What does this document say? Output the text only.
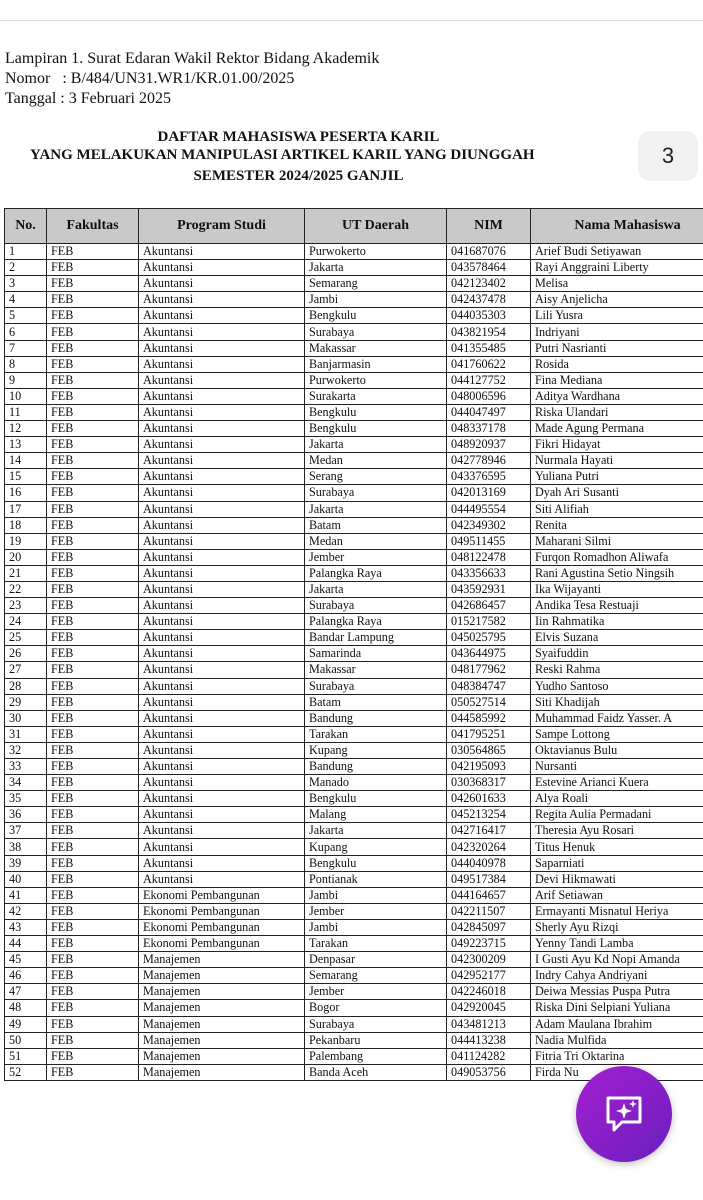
Lampiran 1. Surat Edaran Wakil Rektor Bidang Akademik
Nomor   : B/484/UN31.WR1/KR.01.00/2025
Tanggal : 3 Februari 2025
DAFTAR MAHASISWA PESERTA KARIL
YANG MELAKUKAN MANIPULASI ARTIKEL KARIL YANG DIUNGGAH
SEMESTER 2024/2025 GANJIL
3
No.	Fakultas	Program Studi	UT Daerah	NIM	Nama Mahasiswa
1	FEB	Akuntansi	Purwokerto	041687076	Arief Budi Setiyawan
2	FEB	Akuntansi	Jakarta	043578464	Rayi Anggraini Liberty
3	FEB	Akuntansi	Semarang	042123402	Melisa
4	FEB	Akuntansi	Jambi	042437478	Aisy Anjelicha
5	FEB	Akuntansi	Bengkulu	044035303	Lili Yusra
6	FEB	Akuntansi	Surabaya	043821954	Indriyani
7	FEB	Akuntansi	Makassar	041355485	Putri Nasrianti
8	FEB	Akuntansi	Banjarmasin	041760622	Rosida
9	FEB	Akuntansi	Purwokerto	044127752	Fina Mediana
10	FEB	Akuntansi	Surakarta	048006596	Aditya Wardhana
11	FEB	Akuntansi	Bengkulu	044047497	Riska Ulandari
12	FEB	Akuntansi	Bengkulu	048337178	Made Agung Permana
13	FEB	Akuntansi	Jakarta	048920937	Fikri Hidayat
14	FEB	Akuntansi	Medan	042778946	Nurmala Hayati
15	FEB	Akuntansi	Serang	043376595	Yuliana Putri
16	FEB	Akuntansi	Surabaya	042013169	Dyah Ari Susanti
17	FEB	Akuntansi	Jakarta	044495554	Siti Alifiah
18	FEB	Akuntansi	Batam	042349302	Renita
19	FEB	Akuntansi	Medan	049511455	Maharani Silmi
20	FEB	Akuntansi	Jember	048122478	Furqon Romadhon Aliwafa
21	FEB	Akuntansi	Palangka Raya	043356633	Rani Agustina Setio Ningsih
22	FEB	Akuntansi	Jakarta	043592931	Ika Wijayanti
23	FEB	Akuntansi	Surabaya	042686457	Andika Tesa Restuaji
24	FEB	Akuntansi	Palangka Raya	015217582	Iin Rahmatika
25	FEB	Akuntansi	Bandar Lampung	045025795	Elvis Suzana
26	FEB	Akuntansi	Samarinda	043644975	Syaifuddin
27	FEB	Akuntansi	Makassar	048177962	Reski Rahma
28	FEB	Akuntansi	Surabaya	048384747	Yudho Santoso
29	FEB	Akuntansi	Batam	050527514	Siti Khadijah
30	FEB	Akuntansi	Bandung	044585992	Muhammad Faidz Yasser. A
31	FEB	Akuntansi	Tarakan	041795251	Sampe Lottong
32	FEB	Akuntansi	Kupang	030564865	Oktavianus Bulu
33	FEB	Akuntansi	Bandung	042195093	Nursanti
34	FEB	Akuntansi	Manado	030368317	Estevine Arianci Kuera
35	FEB	Akuntansi	Bengkulu	042601633	Alya Roali
36	FEB	Akuntansi	Malang	045213254	Regita Aulia Permadani
37	FEB	Akuntansi	Jakarta	042716417	Theresia Ayu Rosari
38	FEB	Akuntansi	Kupang	042320264	Titus Henuk
39	FEB	Akuntansi	Bengkulu	044040978	Saparniati
40	FEB	Akuntansi	Pontianak	049517384	Devi Hikmawati
41	FEB	Ekonomi Pembangunan	Jambi	044164657	Arif Setiawan
42	FEB	Ekonomi Pembangunan	Jember	042211507	Ermayanti Misnatul Heriya
43	FEB	Ekonomi Pembangunan	Jambi	042845097	Sherly Ayu Rizqi
44	FEB	Ekonomi Pembangunan	Tarakan	049223715	Yenny Tandi Lamba
45	FEB	Manajemen	Denpasar	042300209	I Gusti Ayu Kd Nopi Amanda
46	FEB	Manajemen	Semarang	042952177	Indry Cahya Andriyani
47	FEB	Manajemen	Jember	042246018	Deiwa Messias Puspa Putra
48	FEB	Manajemen	Bogor	042920045	Riska Dini Selpiani Yuliana
49	FEB	Manajemen	Surabaya	043481213	Adam Maulana Ibrahim
50	FEB	Manajemen	Pekanbaru	044413238	Nadia Mulfida
51	FEB	Manajemen	Palembang	041124282	Fitria Tri Oktarina
52	FEB	Manajemen	Banda Aceh	049053756	Firda Nu
